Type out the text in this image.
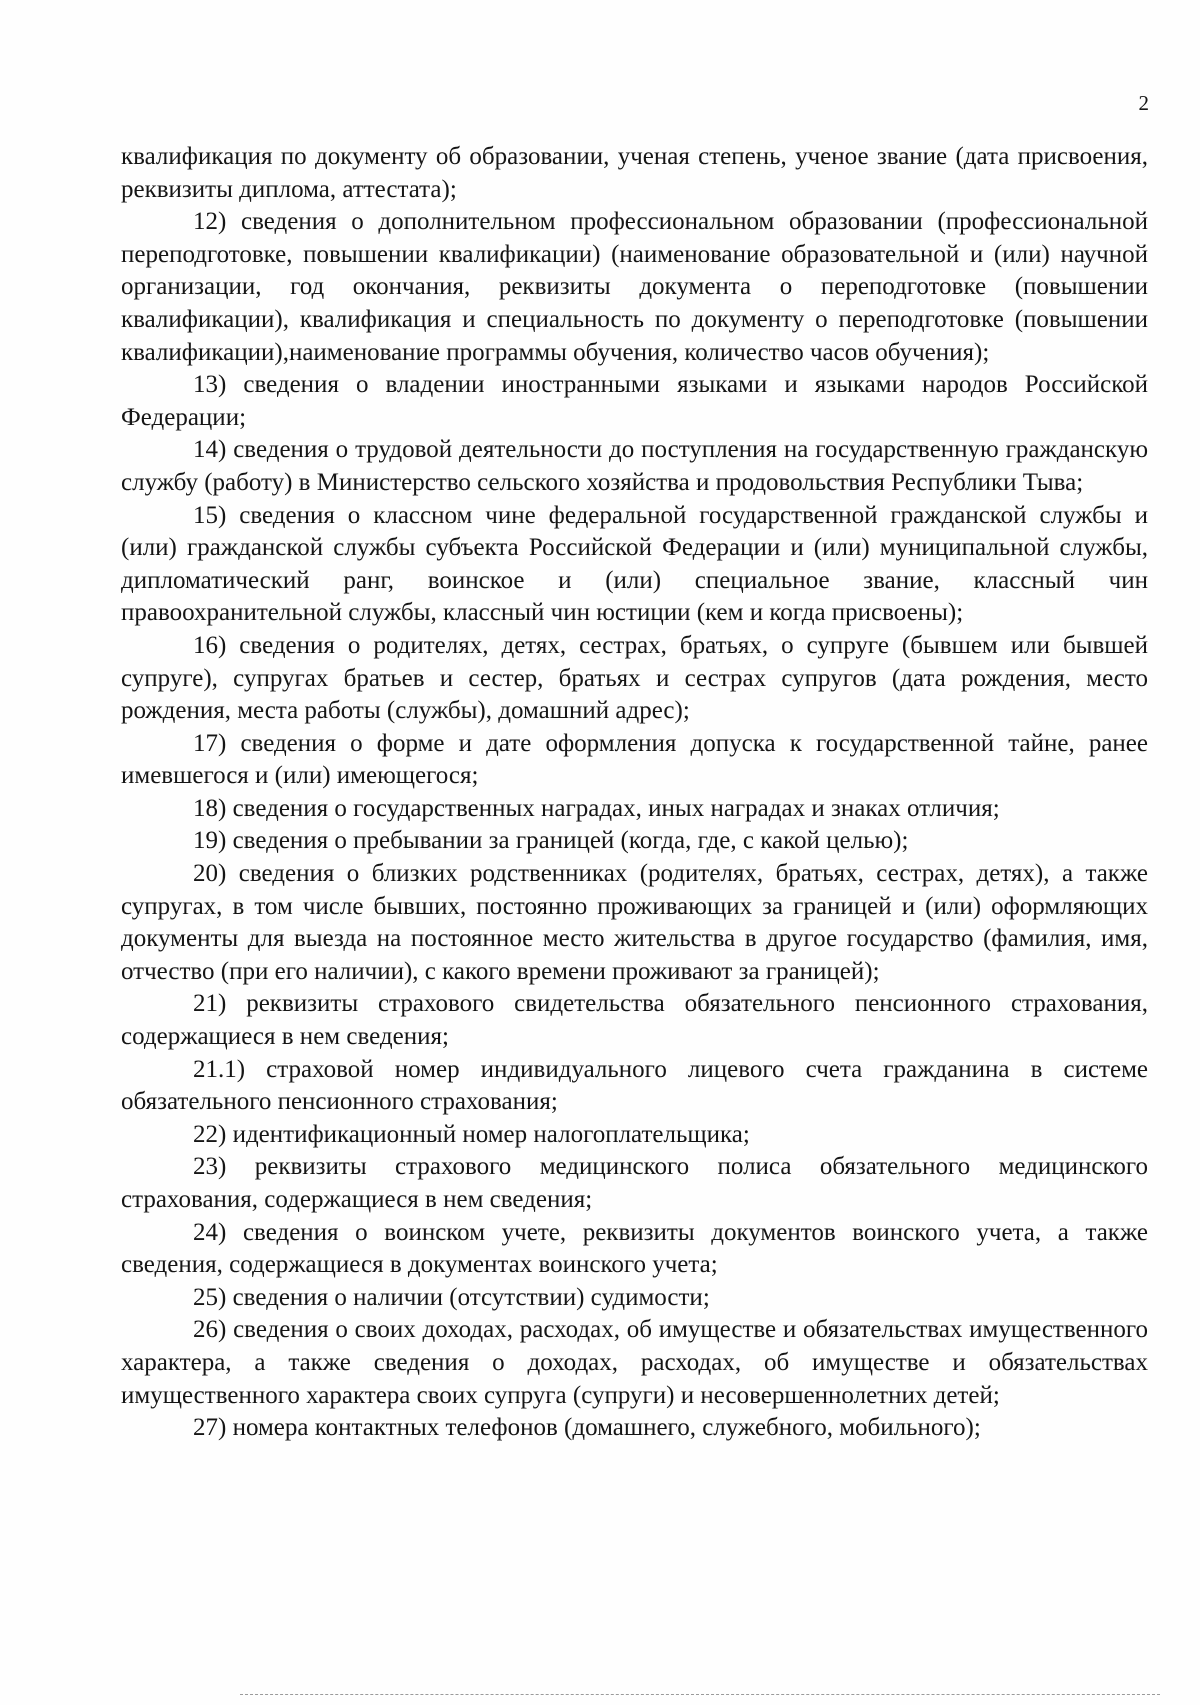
2

квалификация по документу об образовании, ученая степень, ученое звание (дата присвоения, реквизиты диплома, аттестата);

12) сведения о дополнительном профессиональном образовании (профессиональной переподготовке, повышении квалификации) (наименование образовательной и (или) научной организации, год окончания, реквизиты документа о переподготовке (повышении квалификации), квалификация и специальность по документу о переподготовке (повышении квалификации),наименование программы обучения, количество часов обучения);

13) сведения о владении иностранными языками и языками народов Российской Федерации;

14) сведения о трудовой деятельности до поступления на государственную гражданскую службу (работу) в Министерство сельского хозяйства и продовольствия Республики Тыва;

15) сведения о классном чине федеральной государственной гражданской службы и (или) гражданской службы субъекта Российской Федерации и (или) муниципальной службы, дипломатический ранг, воинское и (или) специальное звание, классный чин правоохранительной службы, классный чин юстиции (кем и когда присвоены);

16) сведения о родителях, детях, сестрах, братьях, о супруге (бывшем или бывшей супруге), супругах братьев и сестер, братьях и сестрах супругов (дата рождения, место рождения, места работы (службы), домашний адрес);

17) сведения о форме и дате оформления допуска к государственной тайне, ранее имевшегося и (или) имеющегося;

18) сведения о государственных наградах, иных наградах и знаках отличия;

19) сведения о пребывании за границей (когда, где, с какой целью);

20) сведения о близких родственниках (родителях, братьях, сестрах, детях), а также супругах, в том числе бывших, постоянно проживающих за границей и (или) оформляющих документы для выезда на постоянное место жительства в другое государство (фамилия, имя, отчество (при его наличии), с какого времени проживают за границей);

21) реквизиты страхового свидетельства обязательного пенсионного страхования, содержащиеся в нем сведения;

21.1) страховой номер индивидуального лицевого счета гражданина в системе обязательного пенсионного страхования;

22) идентификационный номер налогоплательщика;

23) реквизиты страхового медицинского полиса обязательного медицинского страхования, содержащиеся в нем сведения;

24) сведения о воинском учете, реквизиты документов воинского учета, а также сведения, содержащиеся в документах воинского учета;

25) сведения о наличии (отсутствии) судимости;

26) сведения о своих доходах, расходах, об имуществе и обязательствах имущественного характера, а также сведения о доходах, расходах, об имуществе и обязательствах имущественного характера своих супруга (супруги) и несовершеннолетних детей;

27) номера контактных телефонов (домашнего, служебного, мобильного);
